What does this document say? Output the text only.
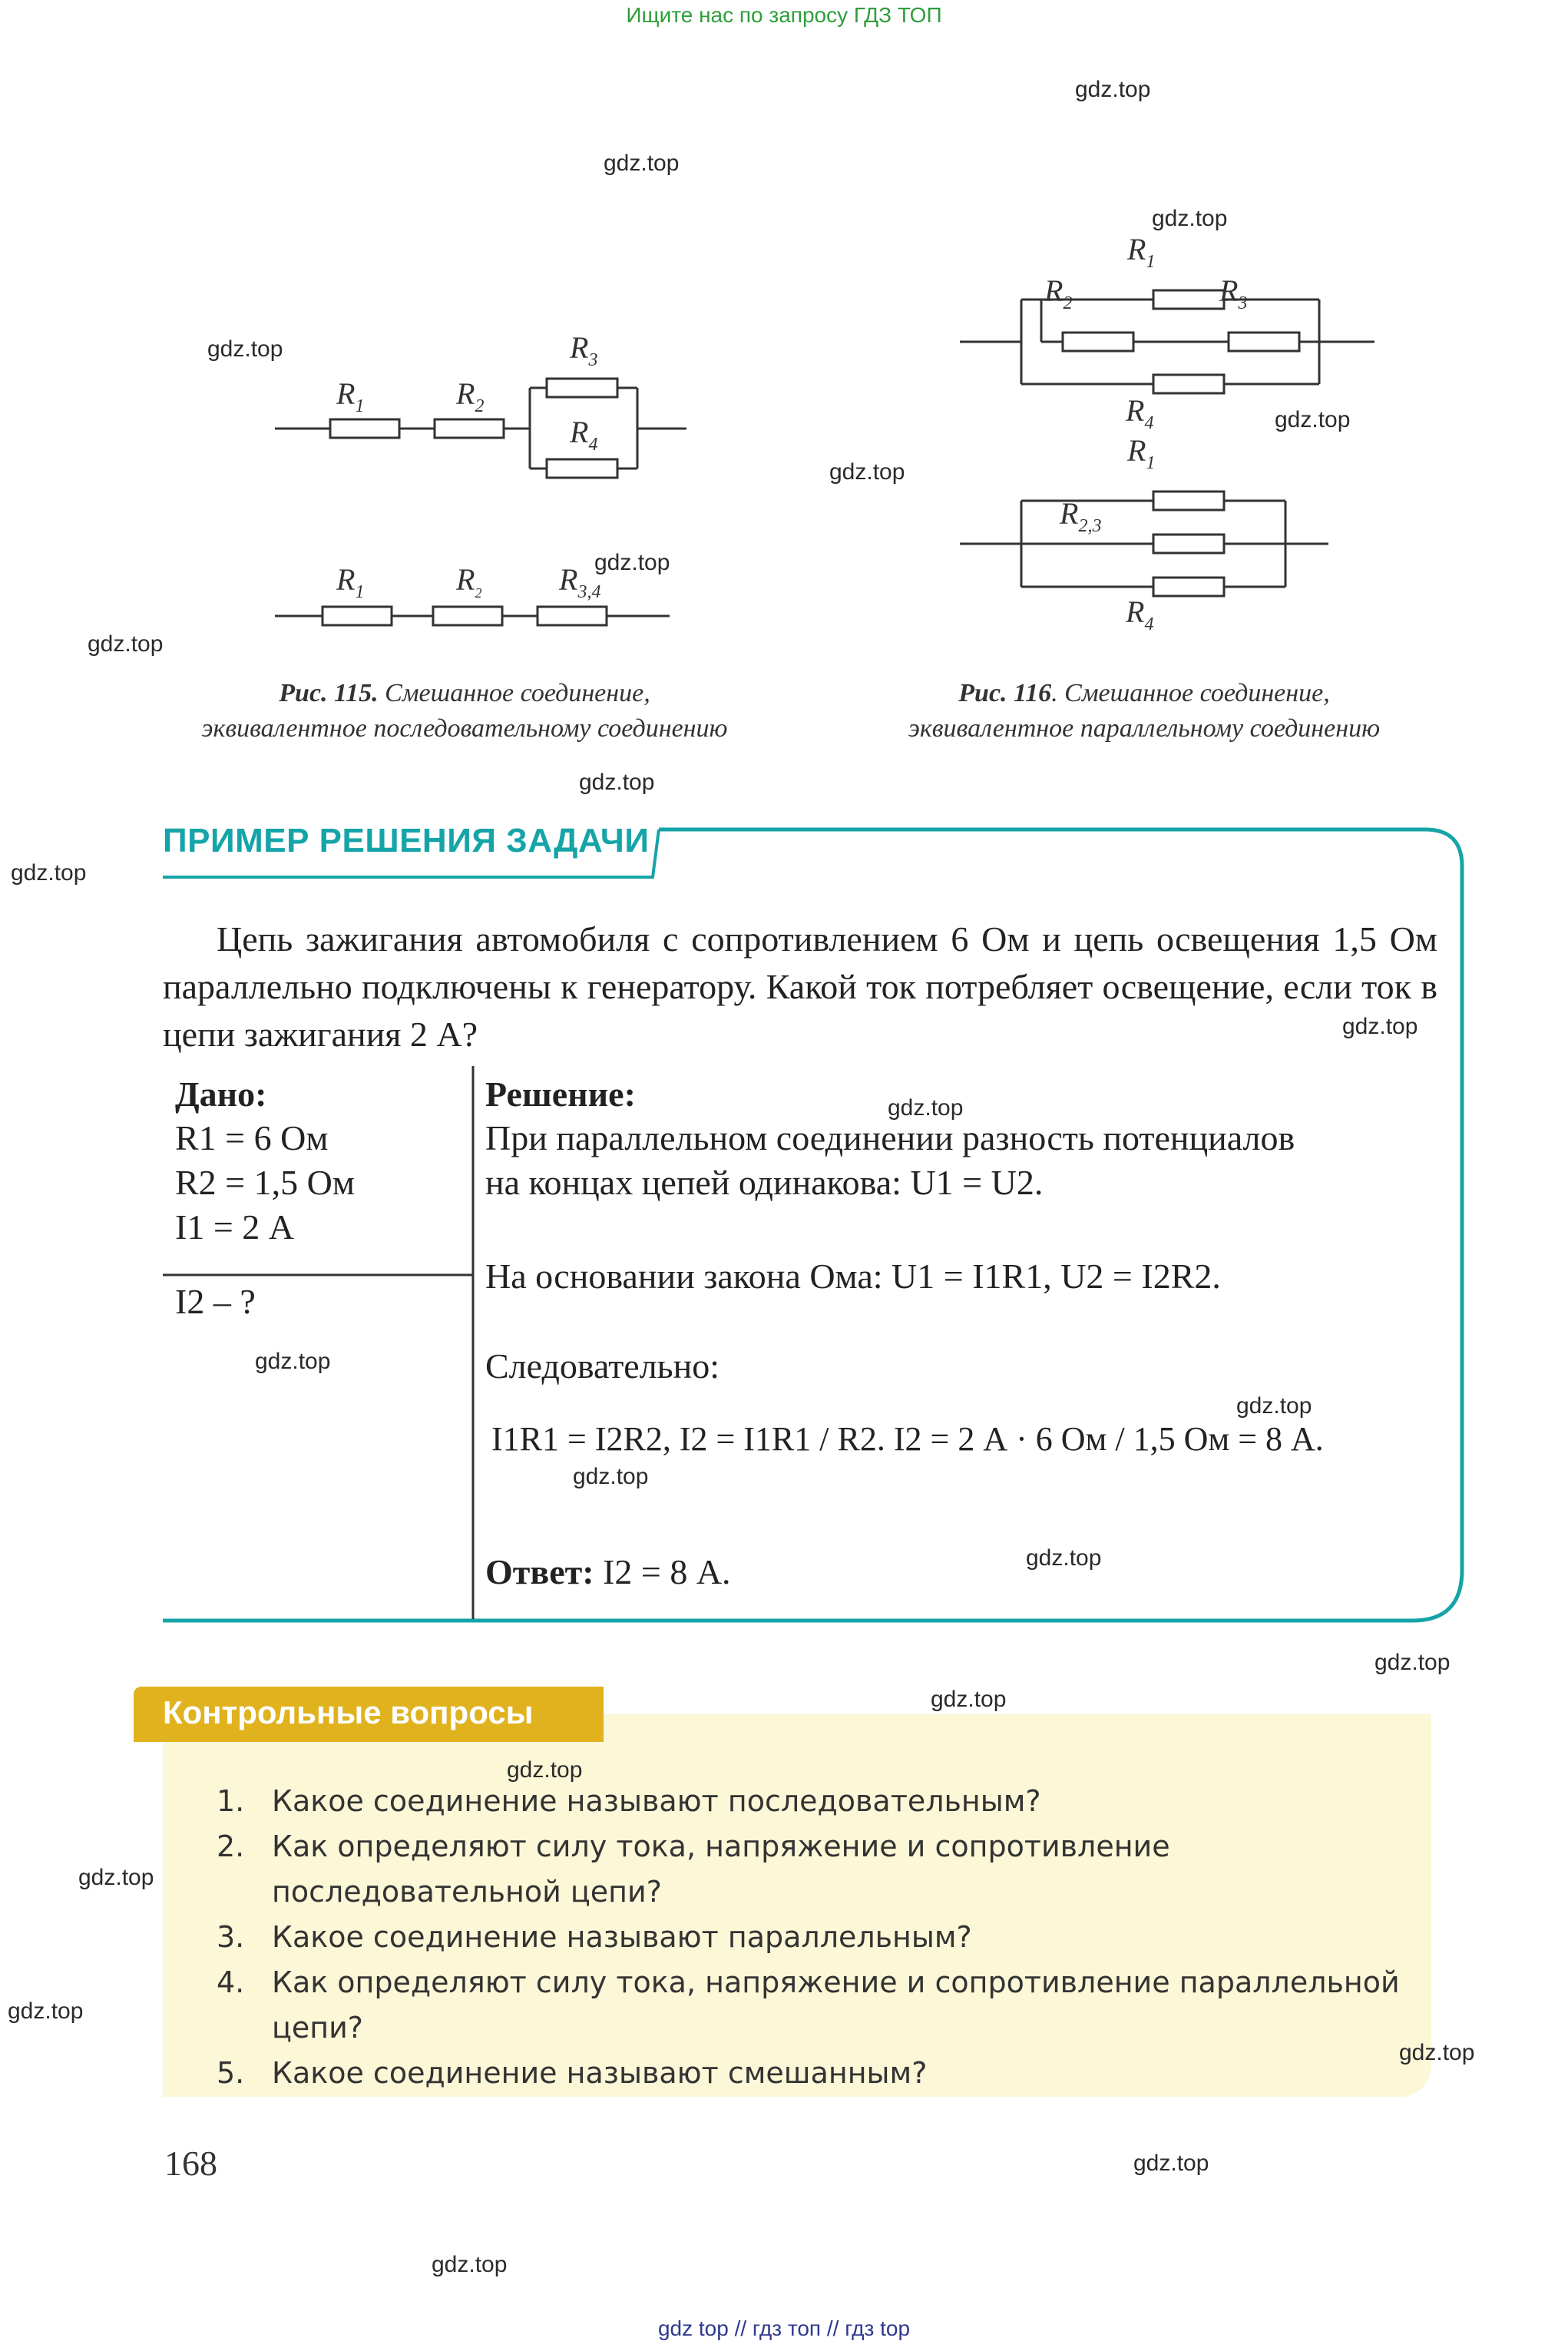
Ищите нас по запросу ГДЗ ТОП
gdz top // гдз топ // гдз top
$R_1$	$R_2$
$R_3$
$R_4$
$R_1$	$R_2$	$R_{3,4}$
Рис. 115. Смешанное соединение,
эквивалентное последовательному соединению
$R_1$
$R_2$	$R_3$
$R_4$
$R_1$
$R_{2,3}$
$R_4$
Рис. 116. Смешанное соединение,
эквивалентное параллельному соединению
ПРИМЕР РЕШЕНИЯ ЗАДАЧИ
Цепь зажигания автомобиля с сопротивлением 6 Ом и цепь освещения 1,5 Ом параллельно подключены к генератору. Какой ток потребляет освещение, если ток в цепи зажигания 2 А?
Дано:
R1 = 6 Ом
R2 = 1,5 Ом
I1 = 2 А
I2 – ?
Решение:
При параллельном соединении разность потенциалов
на концах цепей одинакова: U1 = U2.
На основании закона Ома: U1 = I1R1, U2 = I2R2.
Следовательно:
I1R1 = I2R2, I2 = I1R1 / R2. I2 = 2 А · 6 Ом / 1,5 Ом = 8 А.
Ответ: I2 = 8 А.
Контрольные вопросы
1. Какое соединение называют последовательным?
2. Как определяют силу тока, напряжение и сопротивление последовательной цепи?
3. Какое соединение называют параллельным?
4. Как определяют силу тока, напряжение и сопротивление параллельной цепи?
5. Какое соединение называют смешанным?
168
gdz.top
gdz.top
gdz.top
gdz.top
gdz.top
gdz.top
gdz.top
gdz.top
gdz.top
gdz.top
gdz.top
gdz.top
gdz.top
gdz.top
gdz.top
gdz.top
gdz.top
gdz.top
gdz.top
gdz.top
gdz.top
gdz.top
gdz.top
gdz.top
